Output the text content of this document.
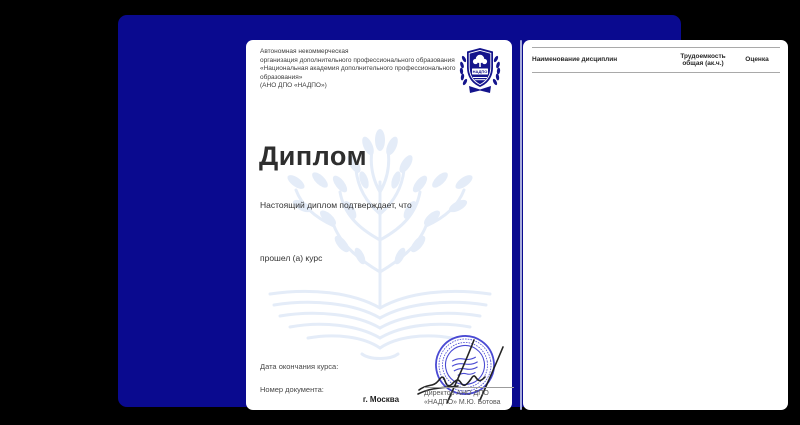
Автономная некоммерческая
организация дополнительного профессионального образования
«Национальная академия дополнительного профессионального
образования»
(АНО ДПО «НАДПО»)
НАДПО
Диплом
Настоящий диплом подтверждает, что
прошел (а) курс
Дата окончания курса:
Номер документа:
г. Москва
Директор АНО ДПО
«НАДПО» М.Ю. Ботова
Наименование дисциплин
Трудоемкость общая (ак.ч.)
Оценка
